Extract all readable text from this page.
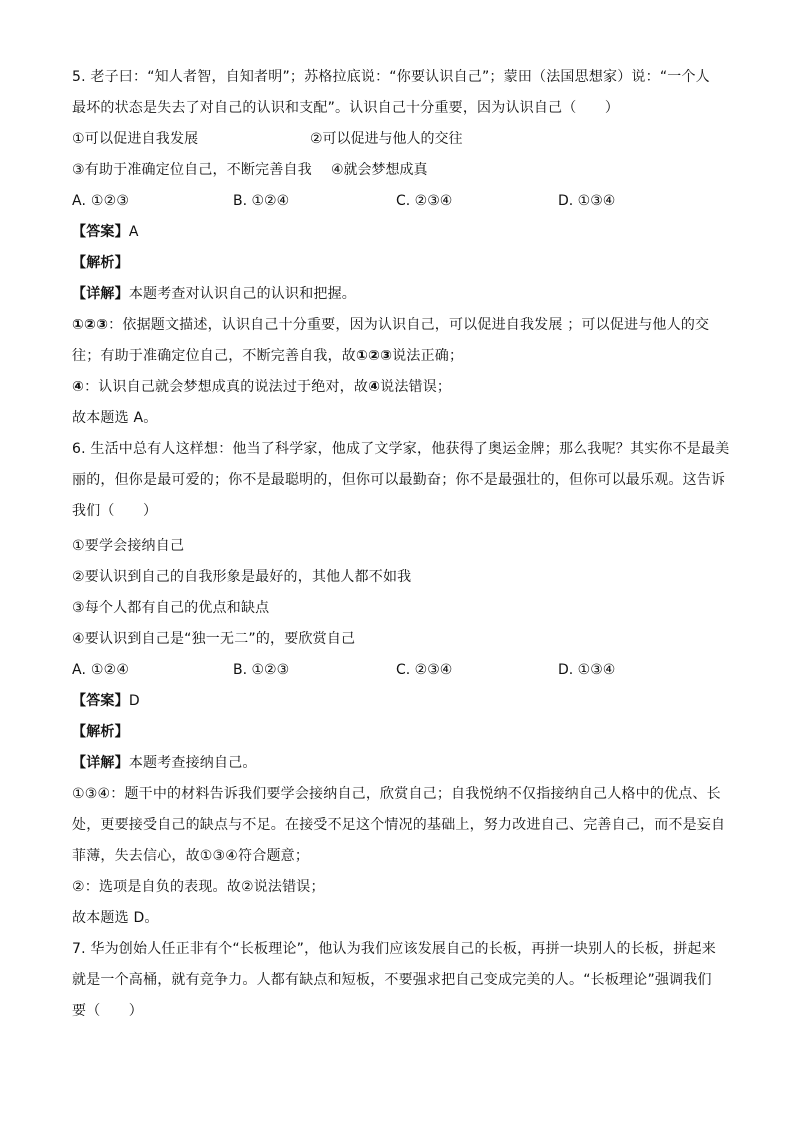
5. 老子曰：“知人者智，自知者明”；苏格拉底说：“你要认识自己”；蒙田（法国思想家）说：“一个人
最坏的状态是失去了对自己的认识和支配”。认识自己十分重要，因为认识自己（　　）
①可以促进自我发展	②可以促进与他人的交往
③有助于准确定位自己，不断完善自我 ④就会梦想成真
A. ①②③	B. ①②④	C. ②③④	D. ①③④
【答案】A
【解析】
【详解】本题考查对认识自己的认识和把握。
①②③：依据题文描述，认识自己十分重要，因为认识自己，可以促进自我发展 ；可以促进与他人的交
往；有助于准确定位自己，不断完善自我，故①②③说法正确；
④：认识自己就会梦想成真的说法过于绝对，故④说法错误；
故本题选 A。
6. 生活中总有人这样想：他当了科学家，他成了文学家，他获得了奥运金牌；那么我呢？其实你不是最美
丽的，但你是最可爱的；你不是最聪明的，但你可以最勤奋；你不是最强壮的，但你可以最乐观。这告诉
我们（　　）
①要学会接纳自己
②要认识到自己的自我形象是最好的，其他人都不如我
③每个人都有自己的优点和缺点
④要认识到自己是“独一无二”的，要欣赏自己
A. ①②④	B. ①②③	C. ②③④	D. ①③④
【答案】D
【解析】
【详解】本题考查接纳自己。
①③④：题干中的材料告诉我们要学会接纳自己，欣赏自己；自我悦纳不仅指接纳自己人格中的优点、长
处，更要接受自己的缺点与不足。在接受不足这个情况的基础上，努力改进自己、完善自己，而不是妄自
菲薄，失去信心，故①③④符合题意；
②：选项是自负的表现。故②说法错误；
故本题选 D。
7. 华为创始人任正非有个“长板理论”，他认为我们应该发展自己的长板，再拼一块别人的长板，拼起来
就是一个高桶，就有竞争力。人都有缺点和短板，不要强求把自己变成完美的人。“长板理论”强调我们
要（　　）
